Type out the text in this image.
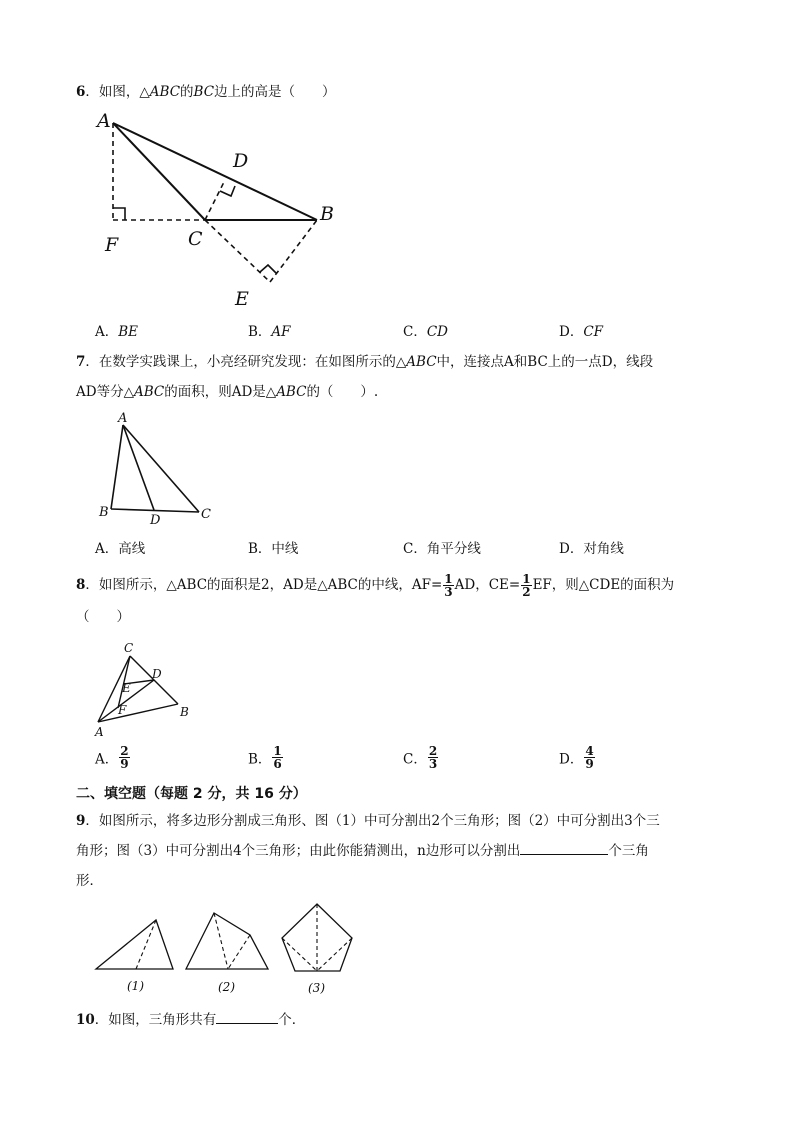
6．如图，△ABC的BC边上的高是（　　）
A
B
C
D
E
F
A．BE	B．AF	C．CD	D．CF
7．在数学实践课上，小亮经研究发现：在如图所示的△ABC中，连接点A和BC上的一点D，线段
AD等分△ABC的面积，则AD是△ABC的（　　）.
A
B	C
D
A．高线	B．中线	C．角平分线	D．对角线
8．如图所示，△ABC的面积是2，AD是△ABC的中线，$AF= \frac{1}{3}$ AD，$CE= \frac{1}{2}$ EF，则△CDE的面积为
（　　）
C
D
E
F	B
A
A． $\frac{2}{9}$	B． $\frac{1}{6}$	C． $\frac{2}{3}$	D． $\frac{4}{9}$
二、填空题（每题 2 分，共 16 分）
9．如图所示，将多边形分割成三角形、图（1）中可分割出2个三角形；图（2）中可分割出3个三
角形；图（3）中可分割出4个三角形；由此你能猜测出，n边形可以分割出	个三角
形．
(1)	(2)	(3)
10．如图，三角形共有	个．
